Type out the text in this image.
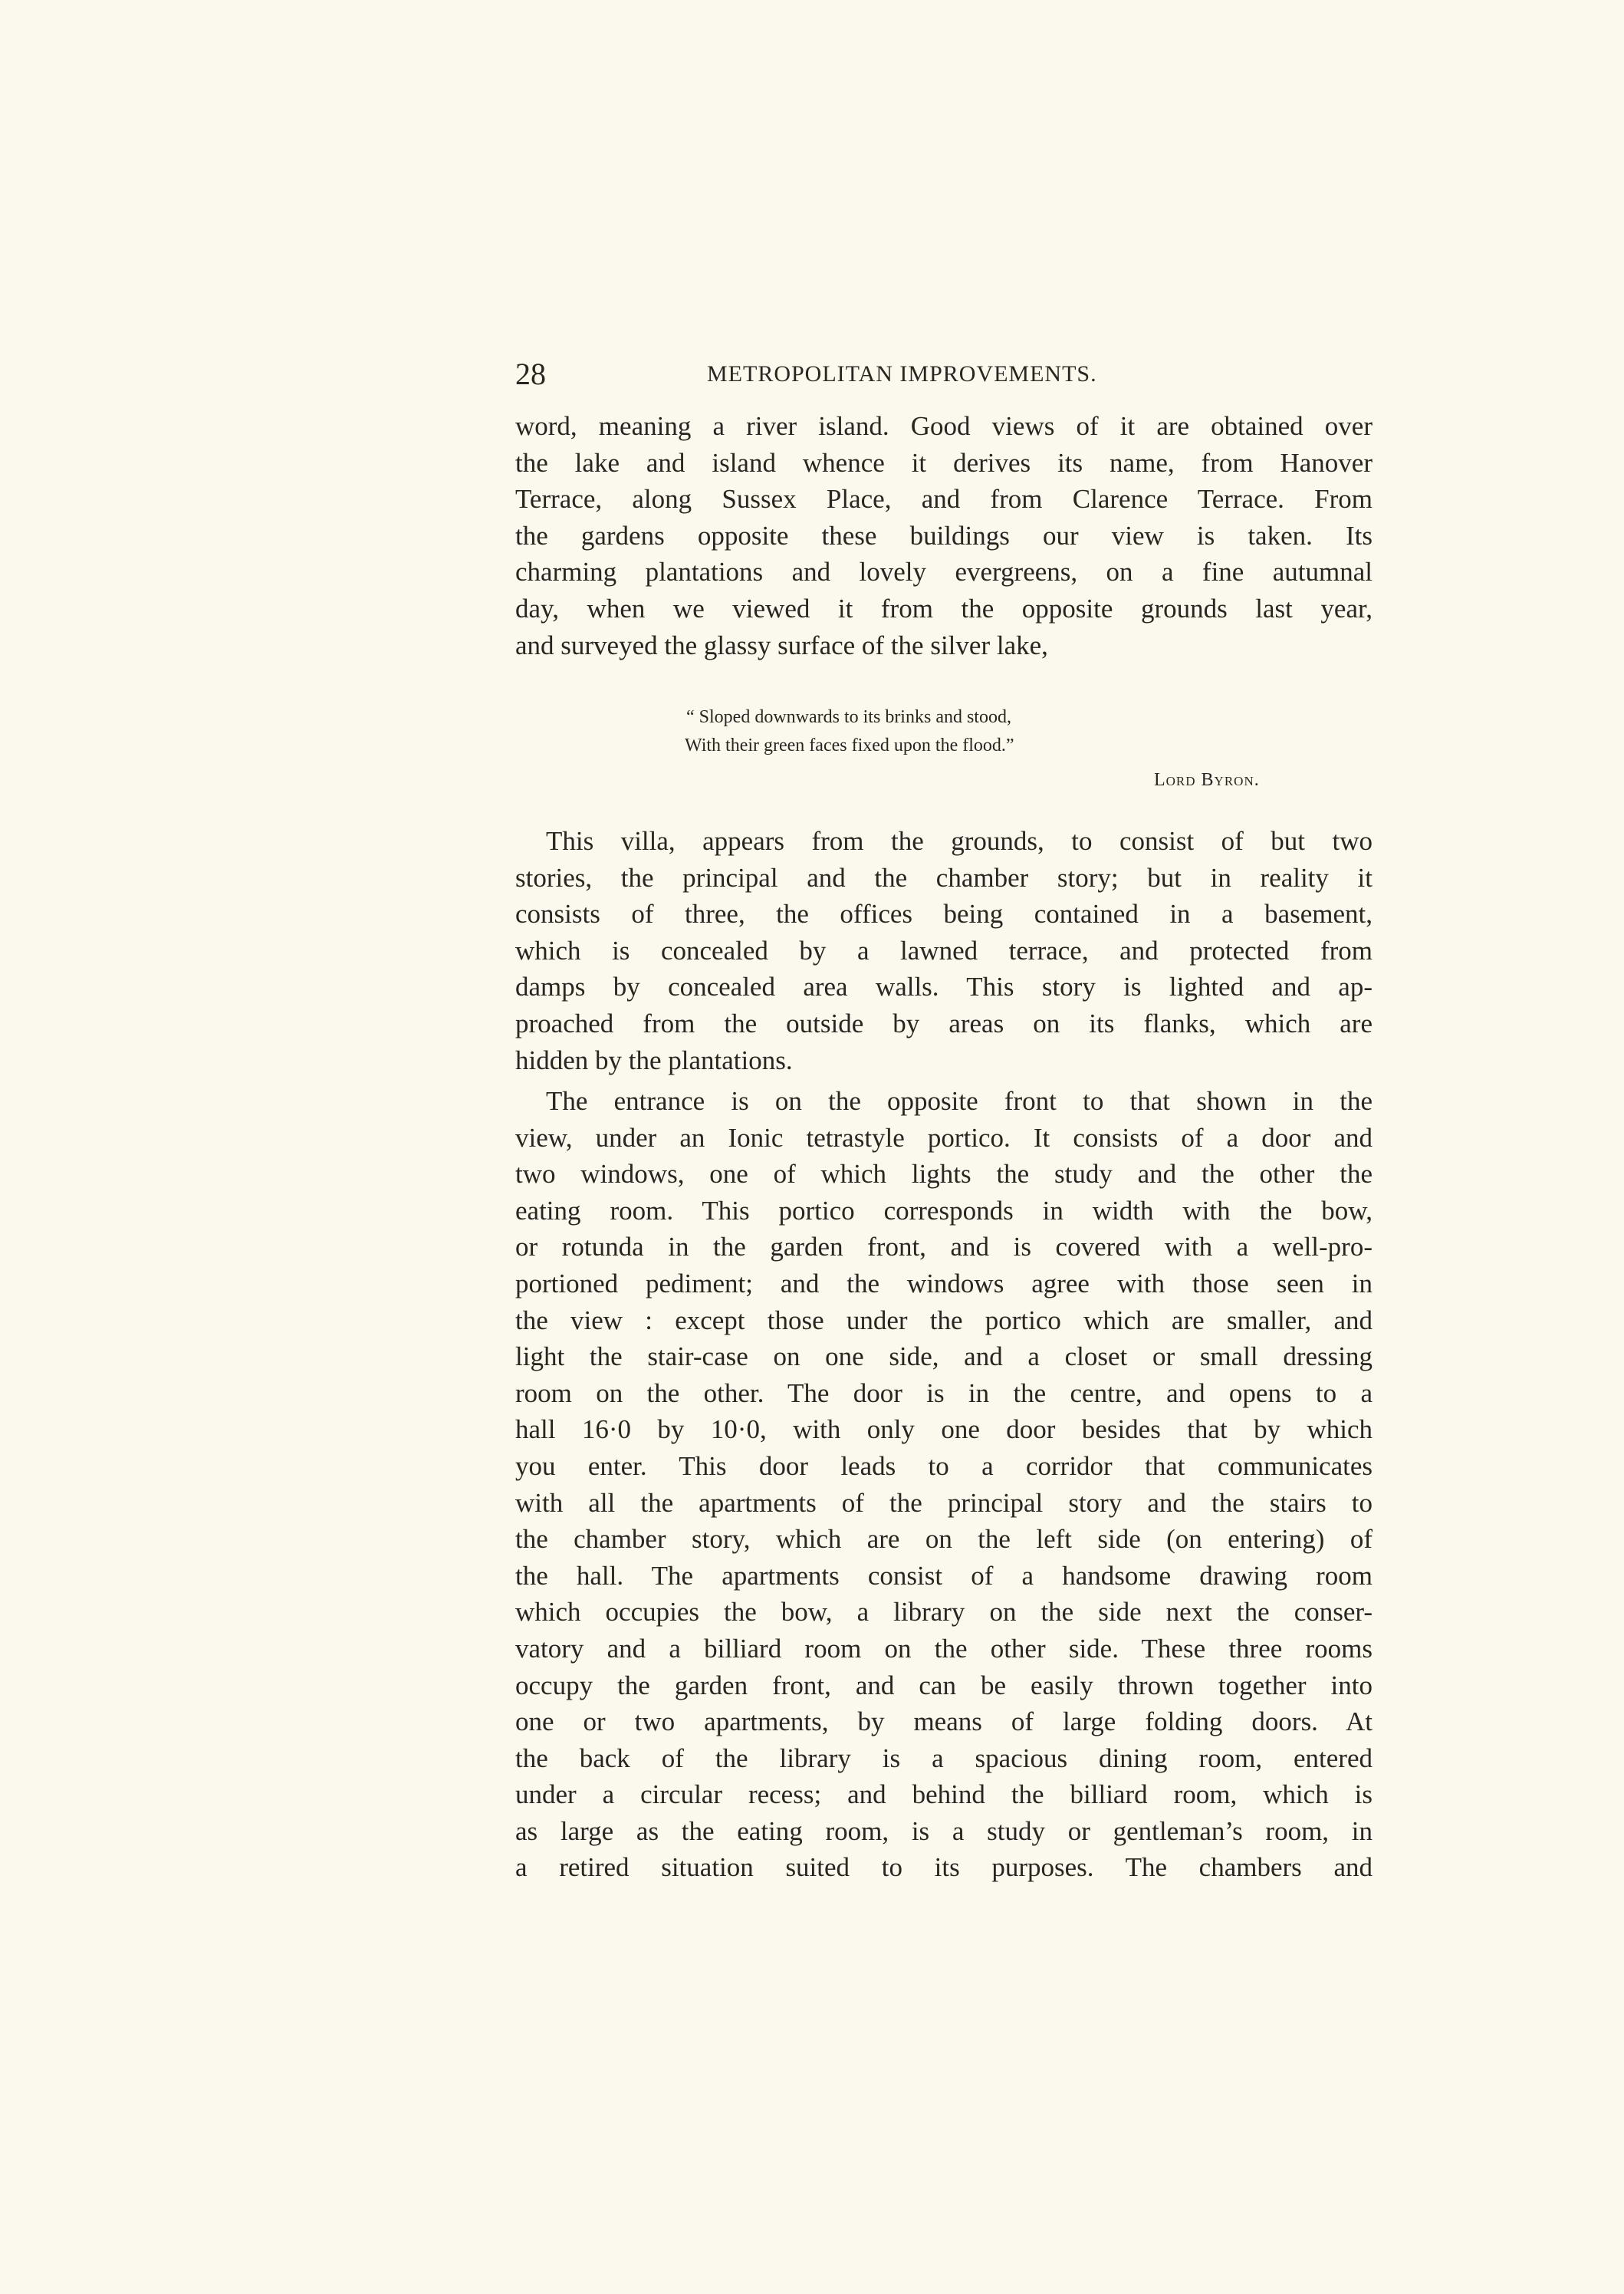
28	METROPOLITAN IMPROVEMENTS.
word, meaning a river island. Good views of it are obtained over
the lake and island whence it derives its name, from Hanover
Terrace, along Sussex Place, and from Clarence Terrace. From
the gardens opposite these buildings our view is taken. Its
charming plantations and lovely evergreens, on a fine autumnal
day, when we viewed it from the opposite grounds last year,
and surveyed the glassy surface of the silver lake,
“ Sloped downwards to its brinks and stood,
With their green faces fixed upon the flood.”
Lord Byron.
This villa, appears from the grounds, to consist of but two
stories, the principal and the chamber story; but in reality it
consists of three, the offices being contained in a basement,
which is concealed by a lawned terrace, and protected from
damps by concealed area walls. This story is lighted and ap-
proached from the outside by areas on its flanks, which are
hidden by the plantations.
The entrance is on the opposite front to that shown in the
view, under an Ionic tetrastyle portico. It consists of a door and
two windows, one of which lights the study and the other the
eating room. This portico corresponds in width with the bow,
or rotunda in the garden front, and is covered with a well-pro-
portioned pediment; and the windows agree with those seen in
the view : except those under the portico which are smaller, and
light the stair-case on one side, and a closet or small dressing
room on the other. The door is in the centre, and opens to a
hall 16·0 by 10·0, with only one door besides that by which
you enter. This door leads to a corridor that communicates
with all the apartments of the principal story and the stairs to
the chamber story, which are on the left side (on entering) of
the hall. The apartments consist of a handsome drawing room
which occupies the bow, a library on the side next the conser-
vatory and a billiard room on the other side. These three rooms
occupy the garden front, and can be easily thrown together into
one or two apartments, by means of large folding doors. At
the back of the library is a spacious dining room, entered
under a circular recess; and behind the billiard room, which is
as large as the eating room, is a study or gentleman’s room, in
a retired situation suited to its purposes. The chambers and
